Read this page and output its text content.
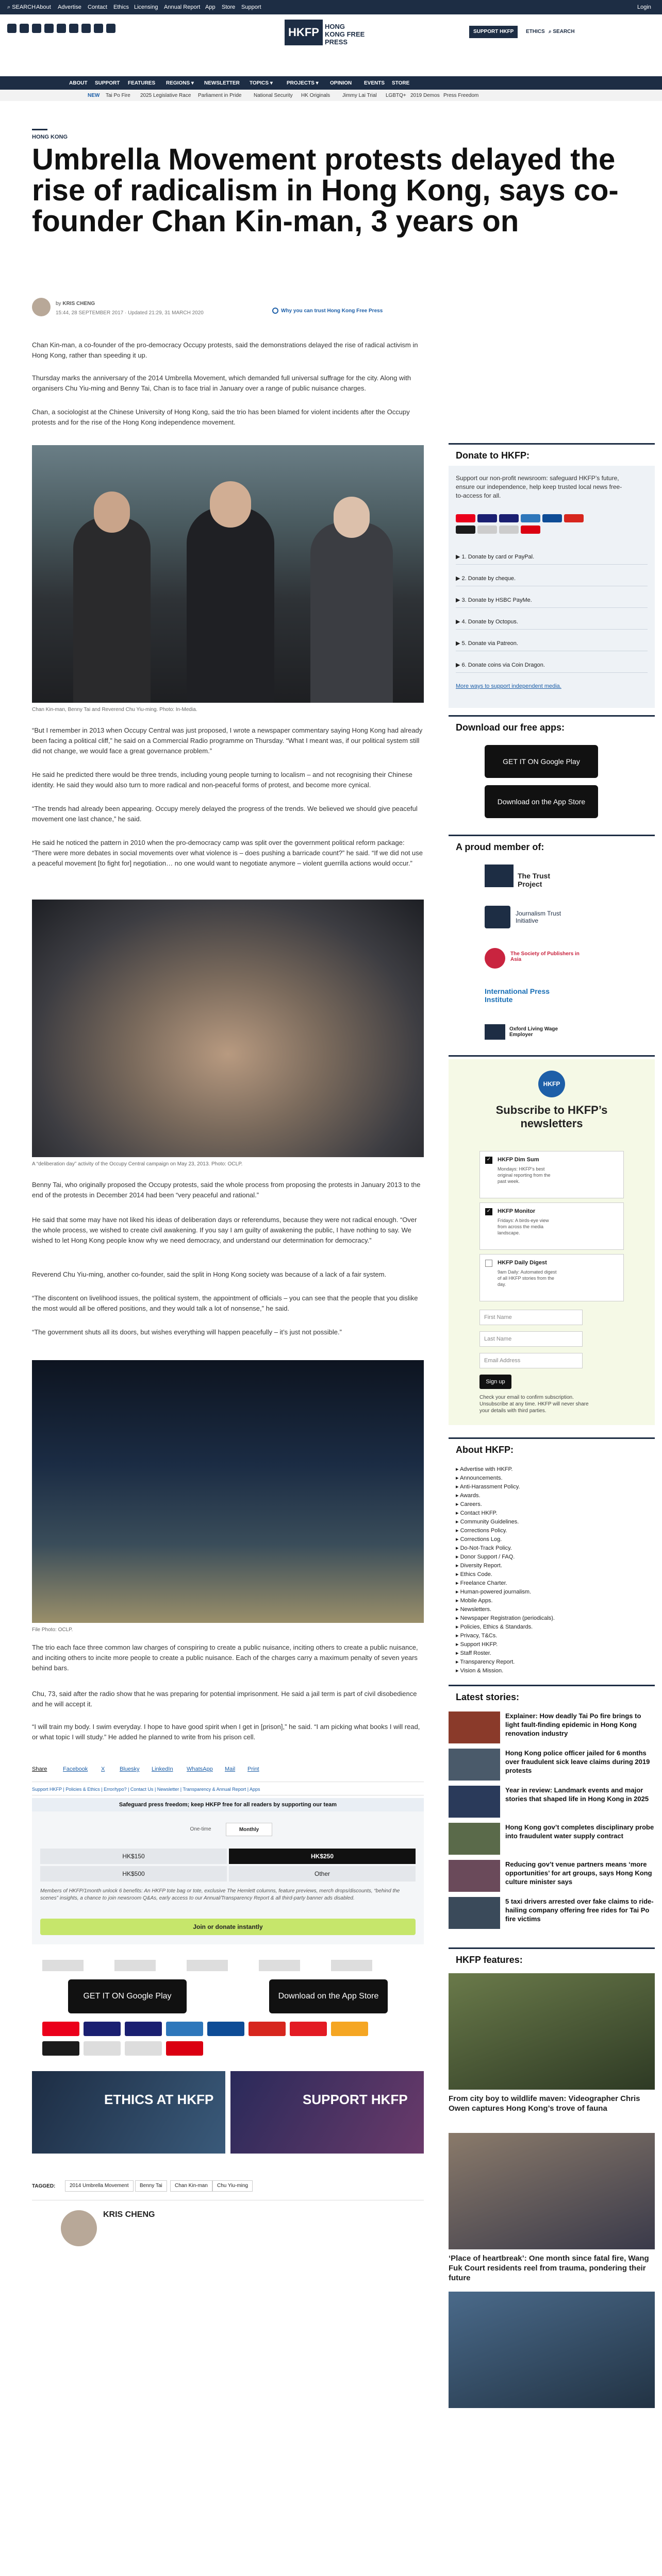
⌕ SEARCH About Advertise Contact Ethics Licensing Annual Report App Store Support	Login
HKFP HONG KONG FREE PRESS
SUPPORT HKFP	ETHICS ⌕ SEARCH
ABOUT SUPPORT FEATURES REGIONS ▾ NEWSLETTER TOPICS ▾	PROJECTS ▾ OPINION EVENTS STORE
NEW Tai Po Fire 2025 Legislative Race Parliament in Pride National Security HK Originals Jimmy Lai Trial LGBTQ+ 2019 Demos Press Freedom
HONG KONG
Umbrella Movement protests delayed the rise of radicalism in Hong Kong, says co-founder Chan Kin-man, 3 years on
by KRIS CHENG
15:44, 28 SEPTEMBER 2017 · Updated 21:29, 31 MARCH 2020	Why you can trust Hong Kong Free Press

Chan Kin-man, a co-founder of the pro-democracy Occupy protests, said the demonstrations delayed the rise of radical activism in Hong Kong, rather than speeding it up.

Thursday marks the anniversary of the 2014 Umbrella Movement, which demanded full universal suffrage for the city. Along with organisers Chu Yiu-ming and Benny Tai, Chan is to face trial in January over a range of public nuisance charges.

Chan, a sociologist at the Chinese University of Hong Kong, said the trio has been blamed for violent incidents after the Occupy protests and for the rise of the Hong Kong independence movement.

Chan Kin-man, Benny Tai and Reverend Chu Yiu-ming. Photo: In-Media.

“But I remember in 2013 when Occupy Central was just proposed, I wrote a newspaper commentary saying Hong Kong had already been facing a political cliff,” he said on a Commercial Radio programme on Thursday. “What I meant was, if our political system still did not change, we would face a great governance problem.”

He said he predicted there would be three trends, including young people turning to localism – and not recognising their Chinese identity. He said they would also turn to more radical and non-peaceful forms of protest, and become more cynical.

“The trends had already been appearing. Occupy merely delayed the progress of the trends. We believed we should give peaceful movement one last chance,” he said.

He said he noticed the pattern in 2010 when the pro-democracy camp was split over the government political reform package: “There were more debates in social movements over what violence is – does pushing a barricade count?” he said. “If we did not use a peaceful movement [to fight for] negotiation… no one would want to negotiate anymore – violent guerrilla actions would occur.”

A “deliberation day” activity of the Occupy Central campaign on May 23, 2013. Photo: OCLP.

Benny Tai, who originally proposed the Occupy protests, said the whole process from proposing the protests in January 2013 to the end of the protests in December 2014 had been “very peaceful and rational.”

He said that some may have not liked his ideas of deliberation days or referendums, because they were not radical enough. “Over the whole process, we wished to create civil awakening. If you say I am guilty of awakening the public, I have nothing to say. We wished to let Hong Kong people know why we need democracy, and understand our determination for democracy.”

Reverend Chu Yiu-ming, another co-founder, said the split in Hong Kong society was because of a lack of a fair system.

“The discontent on livelihood issues, the political system, the appointment of officials – you can see that the people that you dislike the most would all be offered positions, and they would talk a lot of nonsense,” he said.

“The government shuts all its doors, but wishes everything will happen peacefully – it’s just not possible.”

File Photo: OCLP.

The trio each face three common law charges of conspiring to create a public nuisance, inciting others to create a public nuisance, and inciting others to incite more people to create a public nuisance. Each of the charges carry a maximum penalty of seven years behind bars.

Chu, 73, said after the radio show that he was preparing for potential imprisonment. He said a jail term is part of civil disobedience and he will accept it.

“I will train my body. I swim everyday. I hope to have good spirit when I get in [prison],” he said. “I am picking what books I will read, or what topic I will study.” He added he planned to write from his prison cell.

Share	Facebook X	Bluesky LinkedIn WhatsApp Mail Print
Support HKFP | Policies & Ethics | Error/typo? | Contact Us | Newsletter | Transparency & Annual Report | Apps
Safeguard press freedom; keep HKFP free for all readers by supporting our team
One-time	Monthly
HK$150	HK$250
HK$500	Other
Members of HKFP/1month unlock 6 benefits: An HKFP tote bag or tote, exclusive The Hemlett columns, feature previews, merch drops/discounts, “behind the scenes” insights, a chance to join newsroom Q&As, early access to our Annual/Transparency Report & all third-party banner ads disabled.
Join or donate instantly
GET IT ON Google Play	Download on the App Store
ETHICS AT HKFP	SUPPORT HKFP
TAGGED:	2014 Umbrella Movement	Benny Tai	Chan Kin-man	Chu Yiu-ming
KRIS CHENG
Donate to HKFP:
Support our non-profit newsroom: safeguard HKFP’s future, ensure our independence, help keep trusted local news free-to-access for all.
▶ 1. Donate by card or PayPal.
▶ 2. Donate by cheque.
▶ 3. Donate by HSBC PayMe.
▶ 4. Donate by Octopus.
▶ 5. Donate via Patreon.
▶ 6. Donate coins via Coin Dragon.
More ways to support independent media.
Download our free apps:
GET IT ON Google Play
Download on the App Store
A proud member of:
The Trust Project
Journalism Trust Initiative
The Society of Publishers in Asia
International Press Institute
Oxford Living Wage Employer
HKFP
Subscribe to HKFP’s newsletters
✓ HKFP Dim Sum
Mondays: HKFP’s best original reporting from the past week.
✓ HKFP Monitor
Fridays: A birds-eye view from across the media landscape.
HKFP Daily Digest
9am Daily: Automated digest of all HKFP stories from the day.
First Name
Last Name
Email Address
Sign up
Check your email to confirm subscription. Unsubscribe at any time. HKFP will never share your details with third parties.
About HKFP:
▸ Advertise with HKFP.
▸ Announcements.
▸ Anti-Harassment Policy.
▸ Awards.
▸ Careers.
▸ Contact HKFP.
▸ Community Guidelines.
▸ Corrections Policy.
▸ Corrections Log.
▸ Do-Not-Track Policy.
▸ Donor Support / FAQ.
▸ Diversity Report.
▸ Ethics Code.
▸ Freelance Charter.
▸ Human-powered journalism.
▸ Mobile Apps.
▸ Newsletters.
▸ Newspaper Registration (periodicals).
▸ Policies, Ethics & Standards.
▸ Privacy, T&Cs.
▸ Support HKFP.
▸ Staff Roster.
▸ Transparency Report.
▸ Vision & Mission.
Latest stories:
Explainer: How deadly Tai Po fire brings to light fault-finding epidemic in Hong Kong renovation industry
Hong Kong police officer jailed for 6 months over fraudulent sick leave claims during 2019 protests
Year in review: Landmark events and major stories that shaped life in Hong Kong in 2025
Hong Kong gov’t completes disciplinary probe into fraudulent water supply contract
Reducing gov’t venue partners means ‘more opportunities’ for art groups, says Hong Kong culture minister says
5 taxi drivers arrested over fake claims to ride-hailing company offering free rides for Tai Po fire victims
HKFP features:
From city boy to wildlife maven: Videographer Chris Owen captures Hong Kong’s trove of fauna
‘Place of heartbreak’: One month since fatal fire, Wang Fuk Court residents reel from trauma, pondering their future
